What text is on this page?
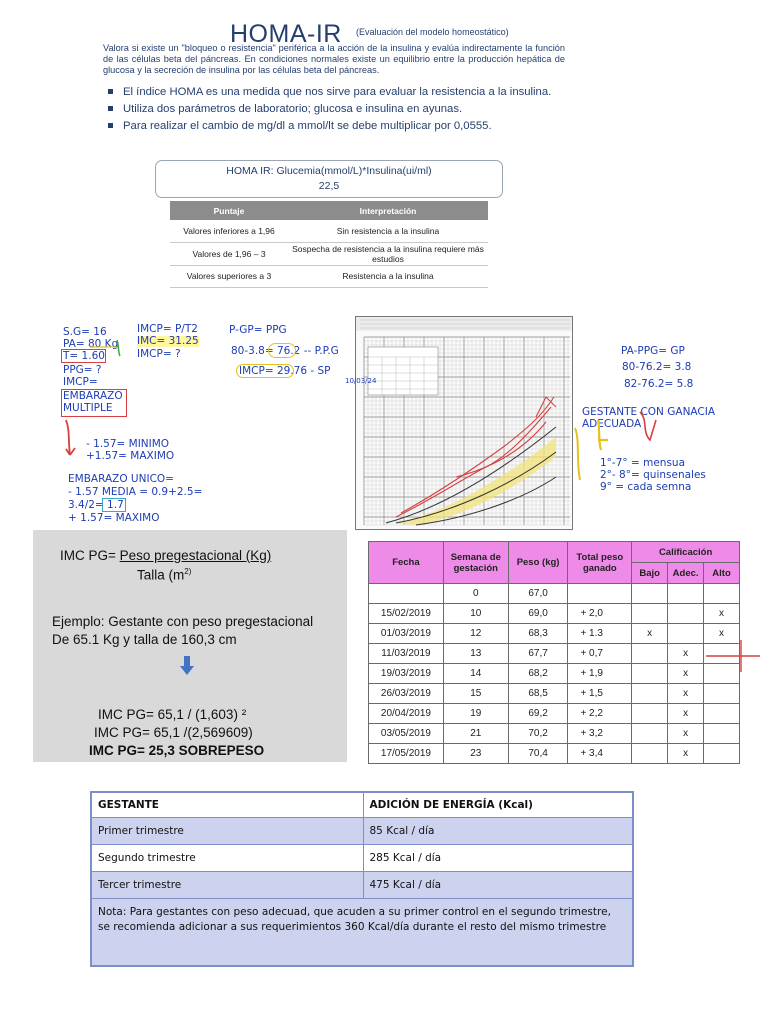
HOMA-IR (Evaluación del modelo homeostático)
Valora si existe un "bloqueo o resistencia" periférica a la acción de la insulina y evalúa indirectamente la función de las células beta del páncreas. En condiciones normales existe un equilibrio entre la producción hepática de glucosa y la secreción de insulina por las células beta del páncreas.
El índice HOMA es una medida que nos sirve para evaluar la resistencia a la insulina.
Utiliza dos parámetros de laboratorio; glucosa e insulina en ayunas.
Para realizar el cambio de mg/dl a mmol/lt se debe multiplicar por 0,0555.
HOMA IR: Glucemia(mmol/L)*Insulina(ui/ml)
22,5
Puntaje	Interpretación
Valores inferiores a 1,96	Sin resistencia a la insulina
Valores de 1,96 – 3	Sospecha de resistencia a la insulina requiere más estudios
Valores superiores a 3	Resistencia a la insulina
S.G= 16
PA= 80 Kg
T= 1.60
PPG= ?
IMCP=
EMBARAZO
MULTIPLE
- 1.57= MINIMO
+1.57= MAXIMO
EMBARAZO UNICO=
- 1.57 MEDIA = 0.9+2.5=
3.4/2= 1.7
+ 1.57= MAXIMO
IMCP= P/T2
IMC= 31.25
IMCP= ?
P-GP= PPG
80-3.8= 76.2 -- P.P.G
IMCP= 29.76 - SP
PA-PPG= GP
80-76.2= 3.8
82-76.2= 5.8
GESTANTE CON GANACIA
ADECUADA
1°-7° = mensua
2°- 8°= quinsenales
9° = cada semna
10/03/24
IMC PG= Peso pregestacional (Kg)
Talla ($m^{2)}$
Ejemplo: Gestante con peso pregestacional
De 65.1 Kg y talla de 160,3 cm
IMC PG= 65,1 / (1,603) ²
IMC PG= 65,1 /(2,569609)
IMC PG= 25,3 SOBREPESO
Fecha	Semana de gestación	Peso (kg)	Total peso ganado	Calificación		
				Bajo	Adec.	Alto
	0	67,0				
15/02/2019	10	69,0	+ 2,0			x
01/03/2019	12	68,3	+ 1.3	x		x
11/03/2019	13	67,7	+ 0,7		x	
19/03/2019	14	68,2	+ 1,9		x	
26/03/2019	15	68,5	+ 1,5		x	
20/04/2019	19	69,2	+ 2,2		x	
03/05/2019	21	70,2	+ 3,2		x	
17/05/2019	23	70,4	+ 3,4		x	
GESTANTE	ADICIÓN DE ENERGÍA (Kcal)
Primer trimestre	85 Kcal / día
Segundo trimestre	285 Kcal / día
Tercer trimestre	475 Kcal / día
Nota: Para gestantes con peso adecuad, que acuden a su primer control en el segundo trimestre, se recomienda adicionar a sus requerimientos 360 Kcal/día durante el resto del mismo trimestre	
